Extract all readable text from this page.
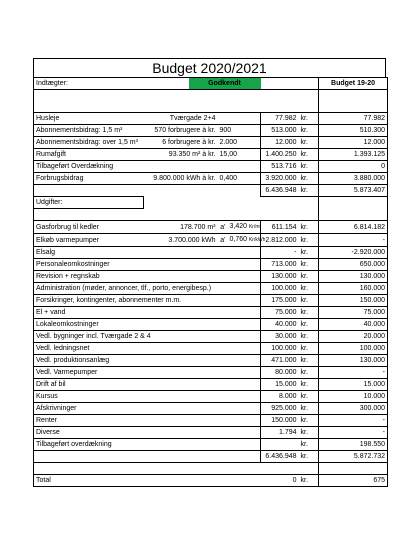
Budget 2020/2021
Indtægter:		Godkendt					Budget 19-20

Husleje	Tværgade 2+4				77.982	kr.	77.982
Abonnementsbidrag: 1,5 m³	570 forbrugere à kr.		900		513.000	kr.	510.300
Abonnementsbidrag: over 1,5 m³	6 forbrugere à kr.		2.000		12.000	kr.	12.000
Rumafgift	93.350 m² à kr.		15,00		1.400.250	kr.	1.393.125
Tilbageført Overdækning					513.716	kr.	0
Forbrugsbidrag	9.800.000 kWh à kr.		0,400		3.920.000	kr.	3.880.000
					6.436.948	kr.	5.873.407
Udgifter:							

Gasforbrug til kedler	178.700 m³		a'	3,420 Kr/m³	611.154	kr.	6.814.182
Elkøb varmepumper	3.700.000 kWh		a'	0,760 Kr/kWh	2.812.000	kr.	-
Elsalg					-	kr.	-2.920.000
Personaleomkostninger					713.000	kr.	650.000
Revision + regnskab					130.000	kr.	130.000
Administration (møder, annoncer, tlf., porto, energibesp.)					100.000	kr.	160.000
Forsikringer, kontingenter, abonnementer m.m.					175.000	kr.	150.000
El + vand					75.000	kr.	75.000
Lokaleomkostninger					40.000	kr.	40.000
Vedl. bygninger incl. Tværgade 2 & 4					30.000	kr.	20.000
Vedl. ledningsnet					100.000	kr.	100.000
Vedl. produktionsanlæg					471.000	kr.	130.000
Vedl. Varmepumper					80.000	kr.	-
Drift af bil					15.000	kr.	15.000
Kursus					8.000	kr.	10.000
Afskrivninger					925.000	kr.	300.000
Renter					150.000	kr.	-
Diverse					1.794	kr.	-
Tilbageført overdækning						kr.	198.550
					6.436.948	kr.	5.872.732

Total					0	kr.	675
